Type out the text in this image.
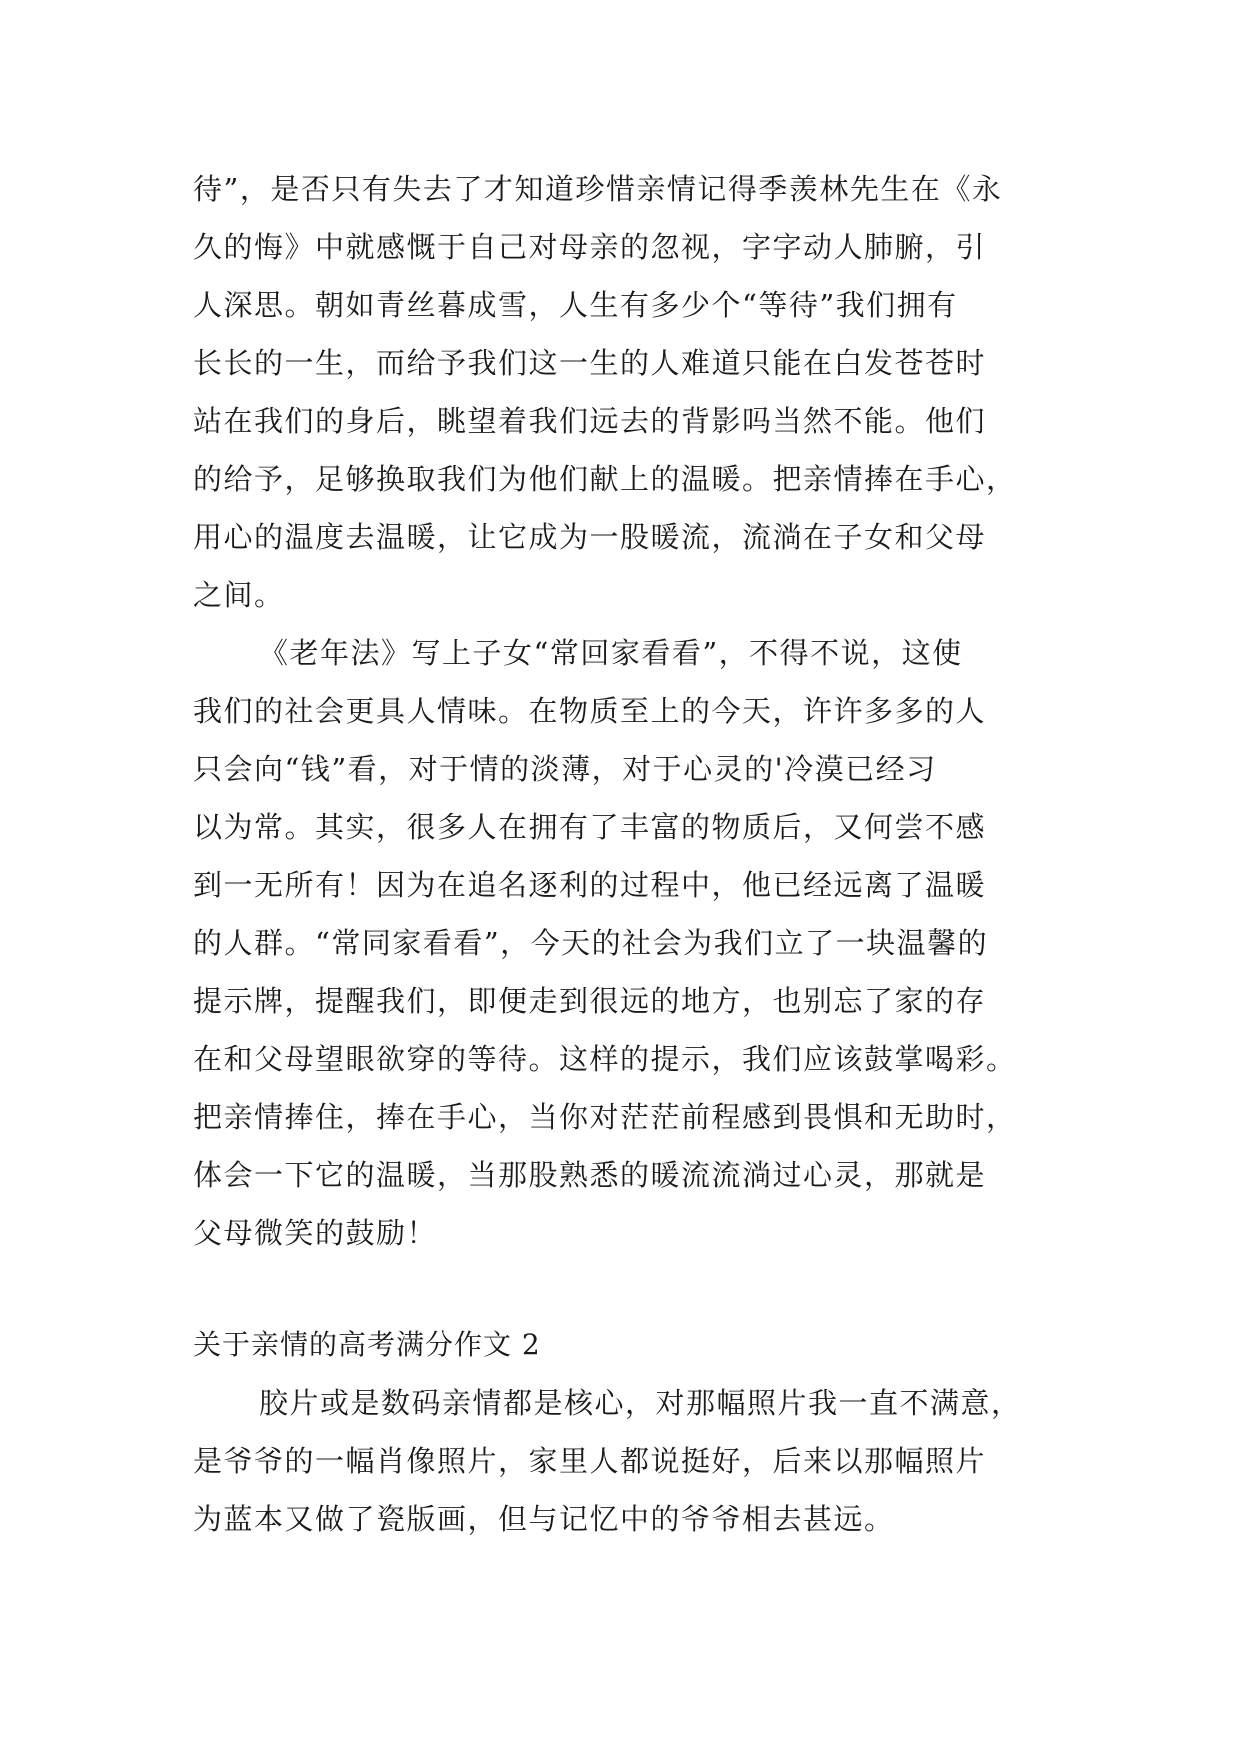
待”，是否只有失去了才知道珍惜亲情记得季羡林先生在《永
久的悔》中就感慨于自己对母亲的忽视，字字动人肺腑，引
人深思。朝如青丝暮成雪，人生有多少个“等待”我们拥有
长长的一生，而给予我们这一生的人难道只能在白发苍苍时
站在我们的身后，眺望着我们远去的背影吗当然不能。他们
的给予，足够换取我们为他们献上的温暖。把亲情捧在手心，
用心的温度去温暖，让它成为一股暖流，流淌在子女和父母
之间。
《老年法》写上子女“常回家看看”，不得不说，这使
我们的社会更具人情味。在物质至上的今天，许许多多的人
只会向“钱”看，对于情的淡薄，对于心灵的'冷漠已经习
以为常。其实，很多人在拥有了丰富的物质后，又何尝不感
到一无所有！因为在追名逐利的过程中，他已经远离了温暖
的人群。“常同家看看”，今天的社会为我们立了一块温馨的
提示牌，提醒我们，即便走到很远的地方，也别忘了家的存
在和父母望眼欲穿的等待。这样的提示，我们应该鼓掌喝彩。
把亲情捧住，捧在手心，当你对茫茫前程感到畏惧和无助时，
体会一下它的温暖，当那股熟悉的暖流流淌过心灵，那就是
父母微笑的鼓励！
关于亲情的高考满分作文 2
胶片或是数码亲情都是核心，对那幅照片我一直不满意，
是爷爷的一幅肖像照片，家里人都说挺好，后来以那幅照片
为蓝本又做了瓷版画，但与记忆中的爷爷相去甚远。
